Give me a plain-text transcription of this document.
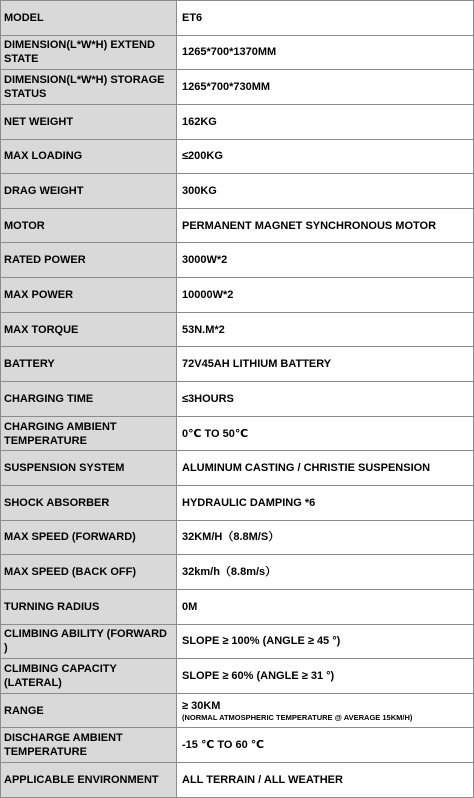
MODEL	ET6
DIMENSION(L*W*H) EXTEND STATE	1265*700*1370MM
DIMENSION(L*W*H) STORAGE STATUS	1265*700*730MM
NET WEIGHT	162KG
MAX LOADING	≤200KG
DRAG WEIGHT	300KG
MOTOR	PERMANENT MAGNET SYNCHRONOUS MOTOR
RATED POWER	3000W*2
MAX POWER	10000W*2
MAX TORQUE	53N.M*2
BATTERY	72V45AH LITHIUM BATTERY
CHARGING TIME	≤3HOURS
CHARGING AMBIENT TEMPERATURE	0℃ TO 50℃
SUSPENSION SYSTEM	ALUMINUM CASTING / CHRISTIE SUSPENSION
SHOCK ABSORBER	HYDRAULIC DAMPING *6
MAX SPEED (FORWARD)	32KM/H（8.8M/S）
MAX SPEED (BACK OFF)	32km/h（8.8m/s）
TURNING RADIUS	0M
CLIMBING ABILITY (FORWARD )	SLOPE ≥ 100% (ANGLE ≥ 45 °)
CLIMBING CAPACITY (LATERAL)	SLOPE ≥ 60% (ANGLE ≥ 31 °)
RANGE	≥ 30KM
(NORMAL ATMOSPHERIC TEMPERATURE @ AVERAGE 15KM/H)

DISCHARGE AMBIENT TEMPERATURE	-15 ℃ TO 60 ℃
APPLICABLE ENVIRONMENT	ALL TERRAIN / ALL WEATHER
